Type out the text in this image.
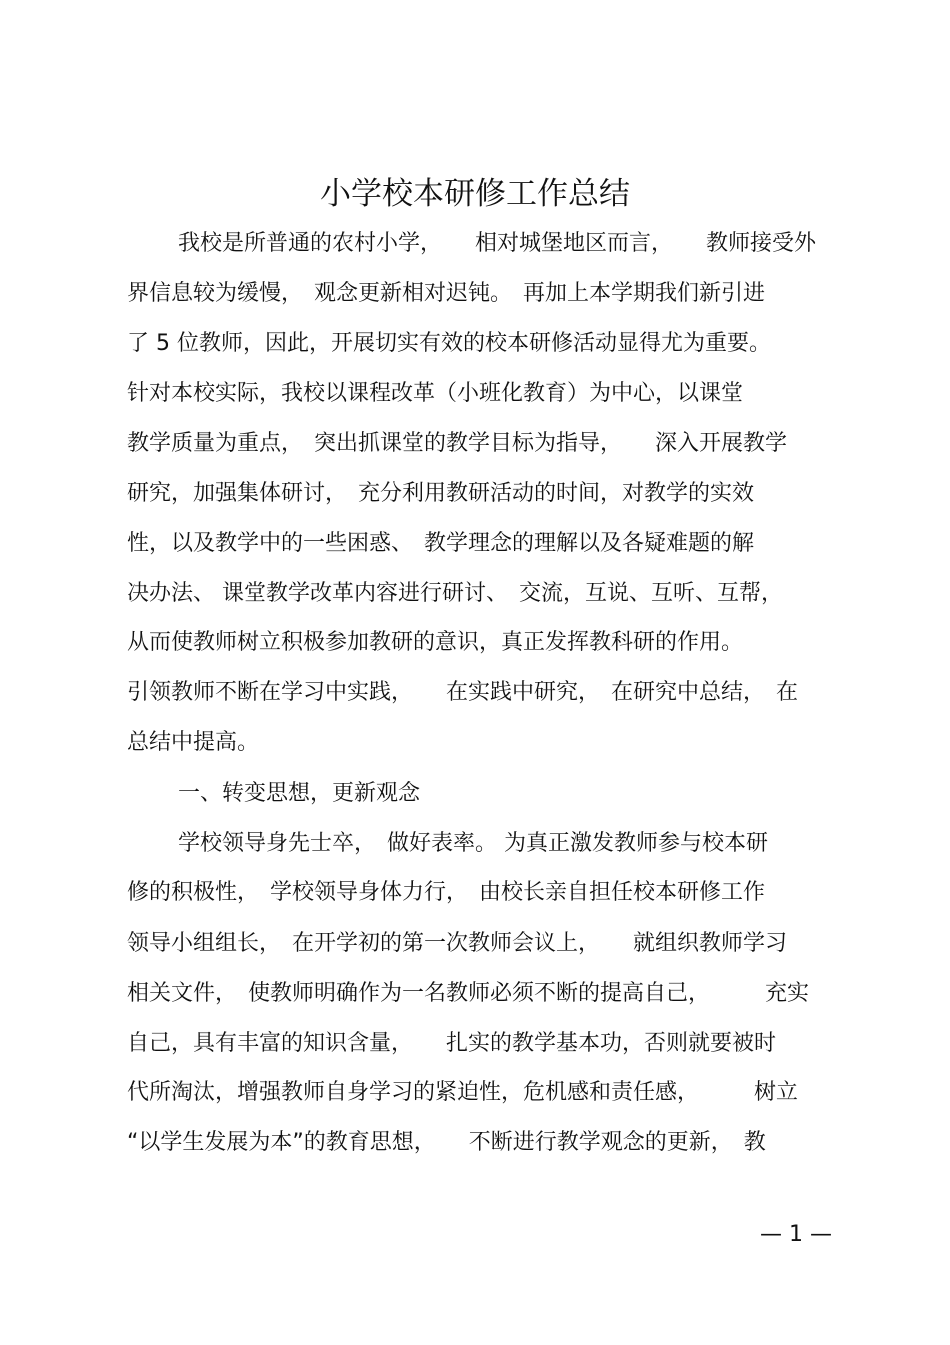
小学校本研修工作总结
我校是所普通的农村小学，　　相对城堡地区而言，　　教师接受外
界信息较为缓慢，　观念更新相对迟钝。　再加上本学期我们新引进
了 5 位教师，因此，开展切实有效的校本研修活动显得尤为重要。
针对本校实际，我校以课程改革（小班化教育）为中心，以课堂
教学质量为重点，　突出抓课堂的教学目标为指导，　　深入开展教学
研究，加强集体研讨，　充分利用教研活动的时间，对教学的实效
性，以及教学中的一些困惑、　教学理念的理解以及各疑难题的解
决办法、 课堂教学改革内容进行研讨、　交流，互说、互听、互帮，
从而使教师树立积极参加教研的意识，真正发挥教科研的作用。
引领教师不断在学习中实践，　　在实践中研究，　在研究中总结，　在
总结中提高。
一、转变思想，更新观念
学校领导身先士卒，　做好表率。 为真正激发教师参与校本研
修的积极性，　学校领导身体力行，　由校长亲自担任校本研修工作
领导小组组长，　在开学初的第一次教师会议上，　　就组织教师学习
相关文件，　使教师明确作为一名教师必须不断的提高自己，　　　充实
自己，具有丰富的知识含量，　　扎实的教学基本功，否则就要被时
代所淘汰，增强教师自身学习的紧迫性，危机感和责任感，　　　树立
“以学生发展为本”的教育思想，　　不断进行教学观念的更新，　教
— 1 —
